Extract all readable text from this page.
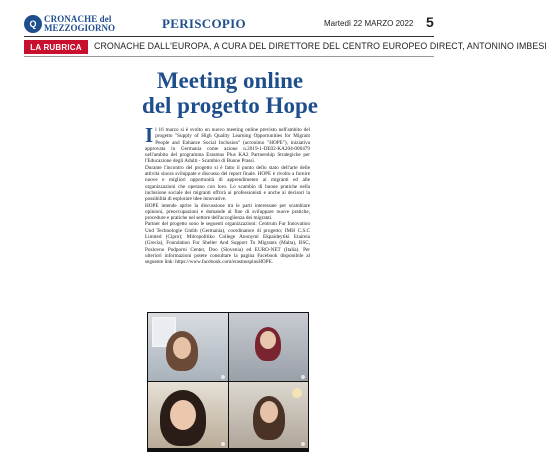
Q CRONACHE del
MEZZOGIORNO	PERISCOPIO	Martedì 22 MARZO 2022 5
LA RUBRICA	CRONACHE DALL'EUROPA, A CURA DEL DIRETTORE DEL CENTRO EUROPEO DIRECT, ANTONINO IMBESI
Meeting online
del progetto Hope

Il 16 marzo si è svolto un nuovo meeting online previsto nell'ambito del progetto "Supply of High Quality Learning Opportunities for Migrant People and Enhance Social Inclusion" (acronimo "HOPE"), iniziativa approvata in Germania come azione n.2019-1-DE02-KA204-006479 nell'ambito del programma Erasmus Plus KA2 Partnership Strategiche per l'Educazione degli Adulti - Scambio di Buone Prassi.

Durante l'incontro del progetto si è fatto il punto dello stato dell'arte delle attività sinora sviluppate e discusso del report finale. HOPE è rivolto a fornire nuove e migliori opportunità di apprendimento ai migranti ed alle organizzazioni che operano con loro. Lo scambio di buone pratiche nella inclusione sociale dei migranti offrirà ai professionisti e anche ai decisori la possibilità di esplorare idee innovative.

HOPE intende aprire la discussione tra le parti interessate per scambiare opinioni, preoccupazioni e domande al fine di sviluppare nuove pratiche, procedure e pratiche nel settore dell'accoglienza dei migranti.

Partner del progetto sono le seguenti organizzazioni: Centrum Fur Innovation Und Technologie Gmbh (Germania), coordinatore di progetto; IMH C.S.C Limited (Cipro); Mitropolitiko College Anonymi Ekpaideytiki Etaireia (Grecia), Foundation For Shelter And Support To Migrants (Malta), BSC, Poslovno Podporni Center, Doo (Slovenia) ed EURO-NET (Italia). Per ulteriori informazioni potete consultare la pagina Facebook disponibile al seguente link: https://www.facebook.com/erasmusplusHOPE.
